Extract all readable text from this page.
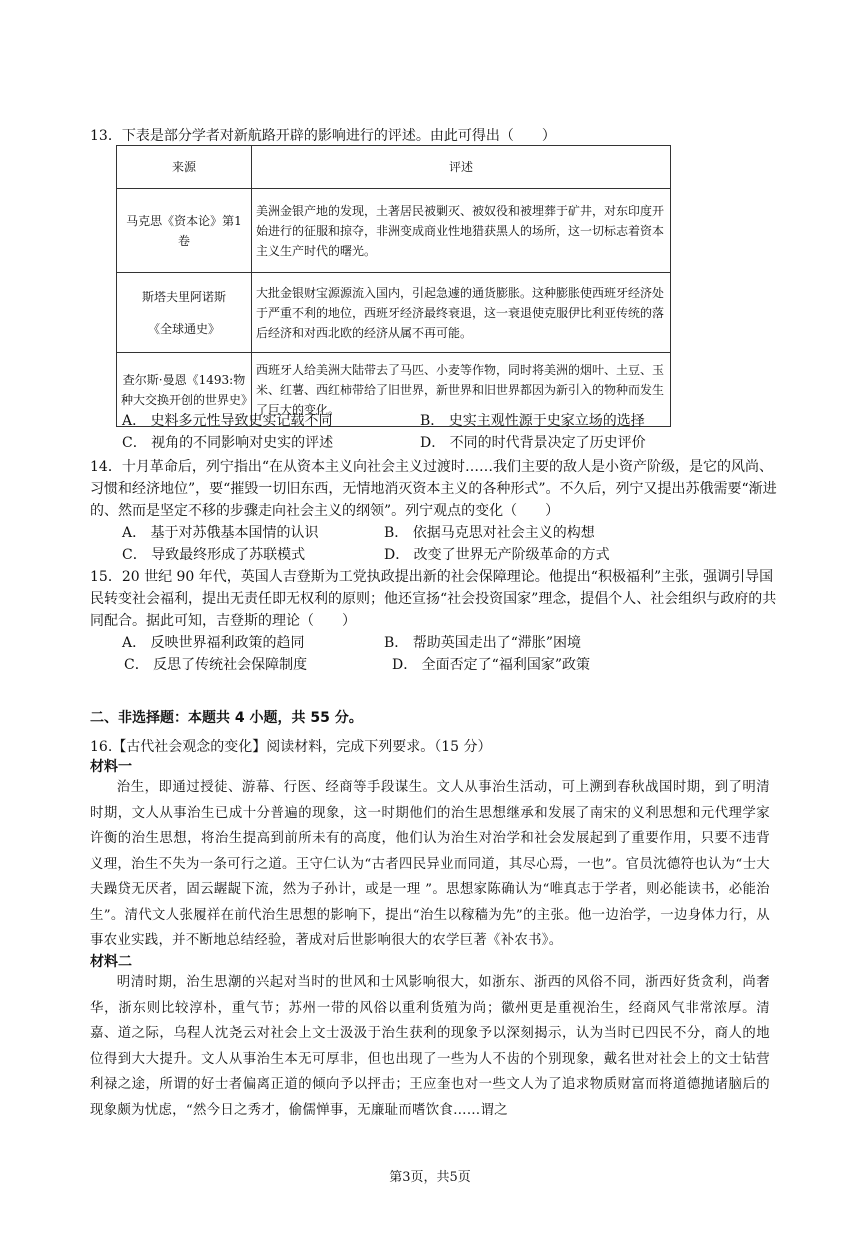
13．下表是部分学者对新航路开辟的影响进行的评述。由此可得出（　　）
来源	评述
马克思《资本论》第1卷	美洲金银产地的发现，土著居民被剿灭、被奴役和被埋葬于矿井，对东印度开始进行的征服和掠夺，非洲变成商业性地猎获黑人的场所，这一切标志着资本主义生产时代的曙光。

斯塔夫里阿诺斯
《全球通史》	大批金银财宝源源流入国内，引起急遽的通货膨胀。这种膨胀使西班牙经济处于严重不利的地位，西班牙经济最终衰退，这一衰退使克服伊比利亚传统的落后经济和对西北欧的经济从属不再可能。
查尔斯·曼恩《1493:物种大交换开创的世界史》	西班牙人给美洲大陆带去了马匹、小麦等作物，同时将美洲的烟叶、土豆、玉米、红薯、西红柿带给了旧世界，新世界和旧世界都因为新引入的物种而发生了巨大的变化。
A． 史料多元性导致史实记载不同	B． 史实主观性源于史家立场的选择
C． 视角的不同影响对史实的评述	D． 不同的时代背景决定了历史评价
14．十月革命后，列宁指出“在从资本主义向社会主义过渡时……我们主要的敌人是小资产阶级，是它的风尚、习惯和经济地位”，要“摧毁一切旧东西，无情地消灭资本主义的各种形式”。不久后，列宁又提出苏俄需要“渐进的、然而是坚定不移的步骤走向社会主义的纲领”。列宁观点的变化（　　）
A． 基于对苏俄基本国情的认识	B． 依据马克思对社会主义的构想
C． 导致最终形成了苏联模式	D． 改变了世界无产阶级革命的方式
15．20 世纪 90 年代，英国人吉登斯为工党执政提出新的社会保障理论。他提出“积极福利”主张，强调引导国民转变社会福利，提出无责任即无权利的原则；他还宣扬“社会投资国家”理念，提倡个人、社会组织与政府的共同配合。据此可知，吉登斯的理论（　　）
A． 反映世界福利政策的趋同	B． 帮助英国走出了“滞胀”困境
C． 反思了传统社会保障制度	D． 全面否定了“福利国家”政策
二、非选择题：本题共 4 小题，共 55 分。
16.【古代社会观念的变化】阅读材料，完成下列要求。（15 分）
材料一
治生，即通过授徒、游幕、行医、经商等手段谋生。文人从事治生活动，可上溯到春秋战国时期，到了明清时期，文人从事治生已成十分普遍的现象，这一时期他们的治生思想继承和发展了南宋的义利思想和元代理学家许衡的治生思想，将治生提高到前所未有的高度，他们认为治生对治学和社会发展起到了重要作用，只要不违背义理，治生不失为一条可行之道。王守仁认为“古者四民异业而同道，其尽心焉，一也”。官员沈德符也认为“士大夫躁贷无厌者，固云龌龊下流，然为子孙计，或是一理 ”。思想家陈确认为“唯真志于学者，则必能读书，必能治生”。清代文人张履祥在前代治生思想的影响下，提出“治生以稼穑为先”的主张。他一边治学，一边身体力行，从事农业实践，并不断地总结经验，著成对后世影响很大的农学巨著《补农书》。
材料二
明清时期，治生思潮的兴起对当时的世风和士风影响很大，如浙东、浙西的风俗不同，浙西好货贪利，尚奢华，浙东则比较淳朴，重气节；苏州一带的风俗以重利货殖为尚；徽州更是重视治生，经商风气非常浓厚。清嘉、道之际，乌程人沈尧云对社会上文士汲汲于治生获利的现象予以深刻揭示，认为当时已四民不分，商人的地位得到大大提升。文人从事治生本无可厚非，但也出现了一些为人不齿的个别现象，戴名世对社会上的文士钻营利禄之途，所谓的好士者偏离正道的倾向予以抨击；王应奎也对一些文人为了追求物质财富而将道德抛诸脑后的现象颇为忧虑，“然今日之秀才，偷儒惮事，无廉耻而嗜饮食……谓之
第3页，共5页
